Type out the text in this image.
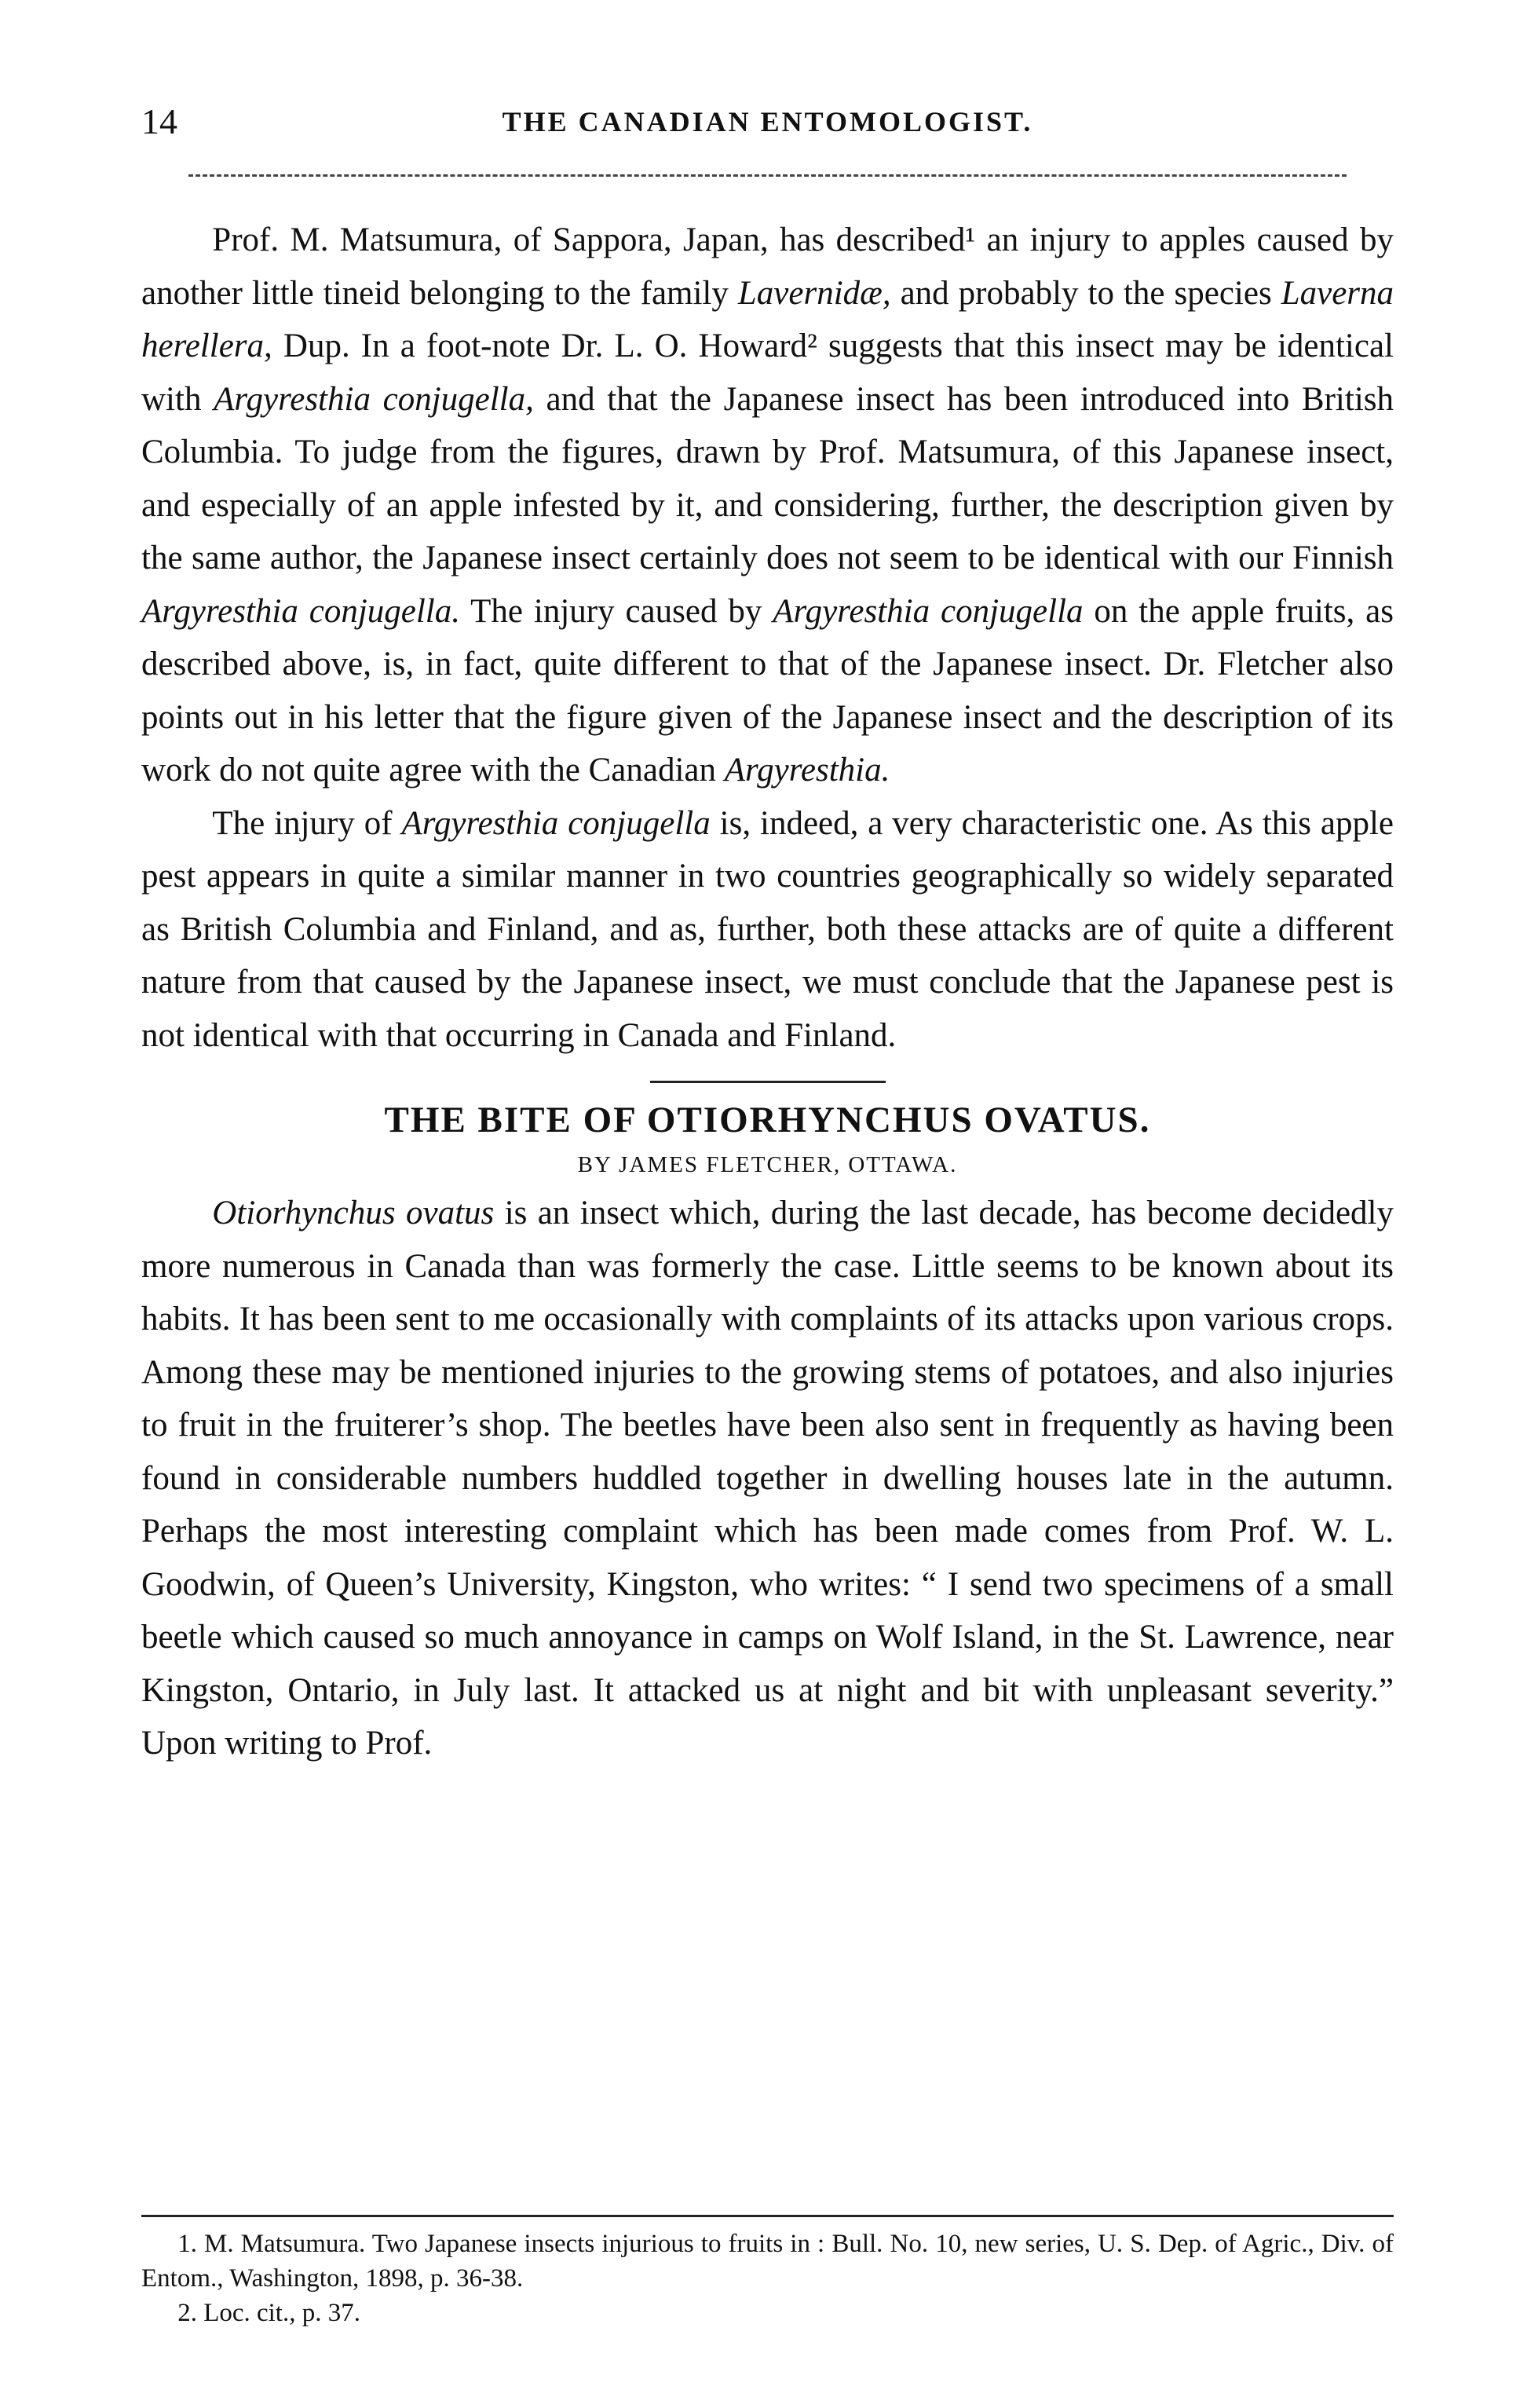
14	THE CANADIAN ENTOMOLOGIST.

Prof. M. Matsumura, of Sappora, Japan, has described¹ an injury to apples caused by another little tineid belonging to the family Lavernidæ, and probably to the species Laverna herellera, Dup. In a foot-note Dr. L. O. Howard² suggests that this insect may be identical with Argyresthia conjugella, and that the Japanese insect has been introduced into British Columbia. To judge from the figures, drawn by Prof. Matsumura, of this Japanese insect, and especially of an apple infested by it, and considering, further, the description given by the same author, the Japanese insect certainly does not seem to be identical with our Finnish Argyresthia conjugella. The injury caused by Argyresthia conjugella on the apple fruits, as described above, is, in fact, quite different to that of the Japanese insect. Dr. Fletcher also points out in his letter that the figure given of the Japanese insect and the description of its work do not quite agree with the Canadian Argyresthia.

The injury of Argyresthia conjugella is, indeed, a very characteristic one. As this apple pest appears in quite a similar manner in two countries geographically so widely separated as British Columbia and Finland, and as, further, both these attacks are of quite a different nature from that caused by the Japanese insect, we must conclude that the Japanese pest is not identical with that occurring in Canada and Finland.

THE BITE OF OTIORHYNCHUS OVATUS.
BY JAMES FLETCHER, OTTAWA.

Otiorhynchus ovatus is an insect which, during the last decade, has become decidedly more numerous in Canada than was formerly the case. Little seems to be known about its habits. It has been sent to me occasionally with complaints of its attacks upon various crops. Among these may be mentioned injuries to the growing stems of potatoes, and also injuries to fruit in the fruiterer’s shop. The beetles have been also sent in frequently as having been found in considerable numbers huddled together in dwelling houses late in the autumn. Perhaps the most interesting complaint which has been made comes from Prof. W. L. Goodwin, of Queen’s University, Kingston, who writes: “ I send two specimens of a small beetle which caused so much annoyance in camps on Wolf Island, in the St. Lawrence, near Kingston, Ontario, in July last. It attacked us at night and bit with unpleasant severity.” Upon writing to Prof.

1. M. Matsumura. Two Japanese insects injurious to fruits in : Bull. No. 10, new series, U. S. Dep. of Agric., Div. of Entom., Washington, 1898, p. 36-38.

2. Loc. cit., p. 37.
